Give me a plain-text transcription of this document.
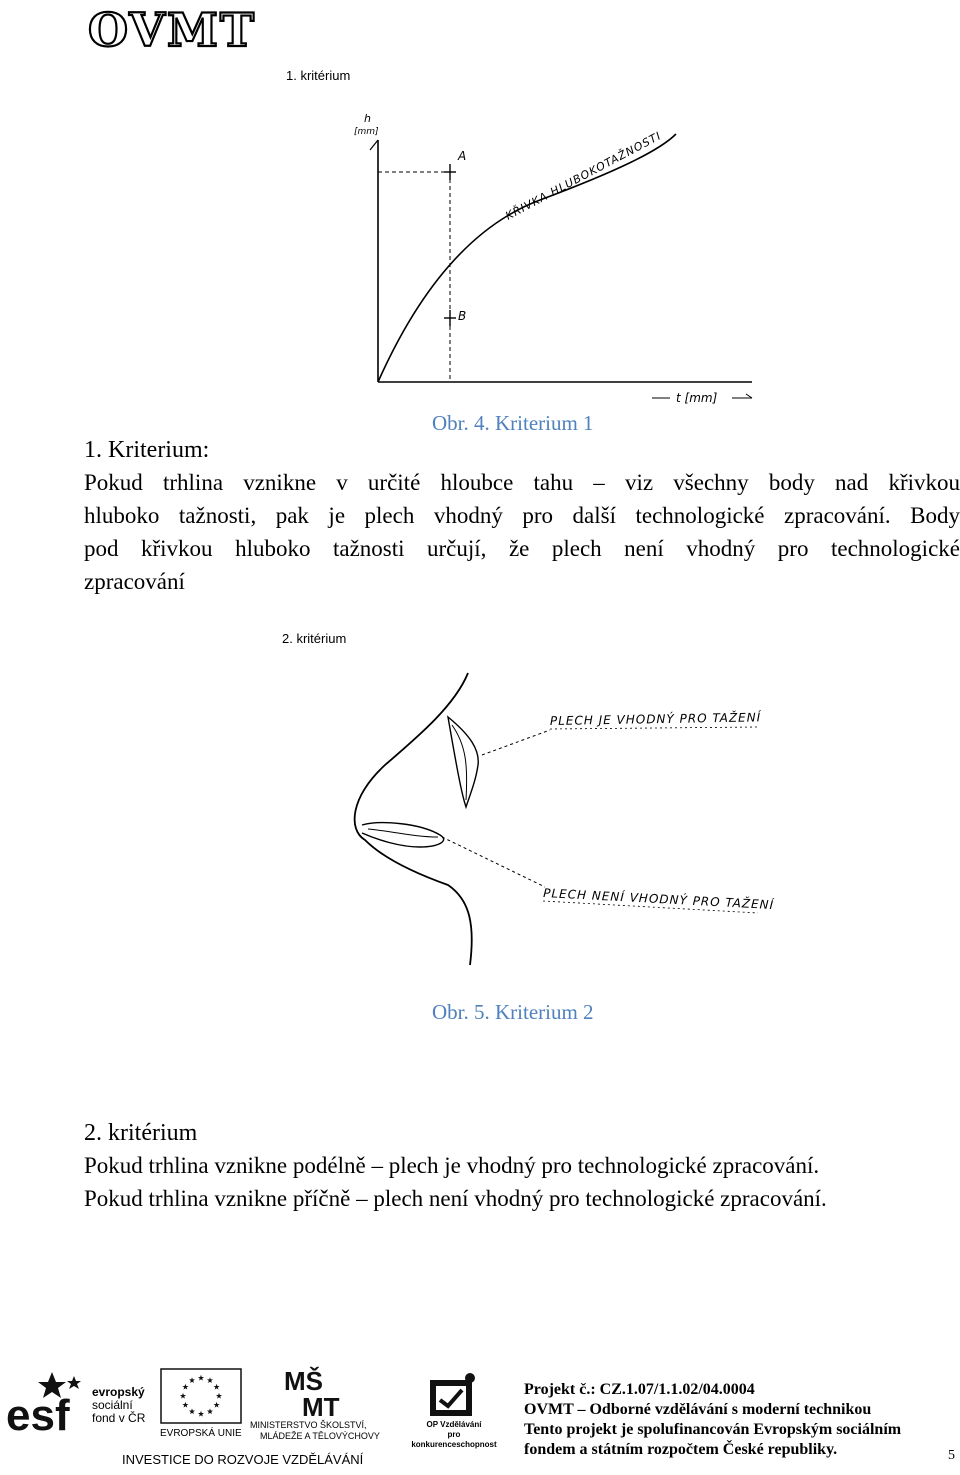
OVMT
1. kritérium
h
[mm]
t [mm]
KŘIVKA HLUBOKOTAŽNOSTI
A
B
Obr. 4. Kriterium 1
1. Kriterium:
Pokud trhlina vznikne v určité hloubce tahu – viz všechny body nad křivkou
hluboko tažnosti, pak je plech vhodný pro další technologické zpracování. Body
pod křivkou hluboko tažnosti určují, že plech není vhodný pro technologické
zpracování
2. kritérium
PLECH JE VHODNÝ PRO TAŽENÍ
PLECH NENÍ VHODNÝ PRO TAŽENÍ
Obr. 5. Kriterium 2
2. kritérium
Pokud trhlina vznikne podélně – plech je vhodný pro technologické zpracování.
Pokud trhlina vznikne příčně – plech není vhodný pro technologické zpracování.
esf evropský
sociální
fond v ČR
EVROPSKÁ UNIE
MŠ
MT
MINISTERSTVO ŠKOLSTVÍ,
MLÁDEŽE A TĚLOVÝCHOVY
OP Vzdělávání
pro konkurenceschopnost
INVESTICE DO ROZVOJE VZDĚLÁVÁNÍ
Projekt č.: CZ.1.07/1.1.02/04.0004
OVMT – Odborné vzdělávání s moderní technikou
Tento projekt je spolufinancován Evropským sociálním
fondem a státním rozpočtem České republiky.	5
